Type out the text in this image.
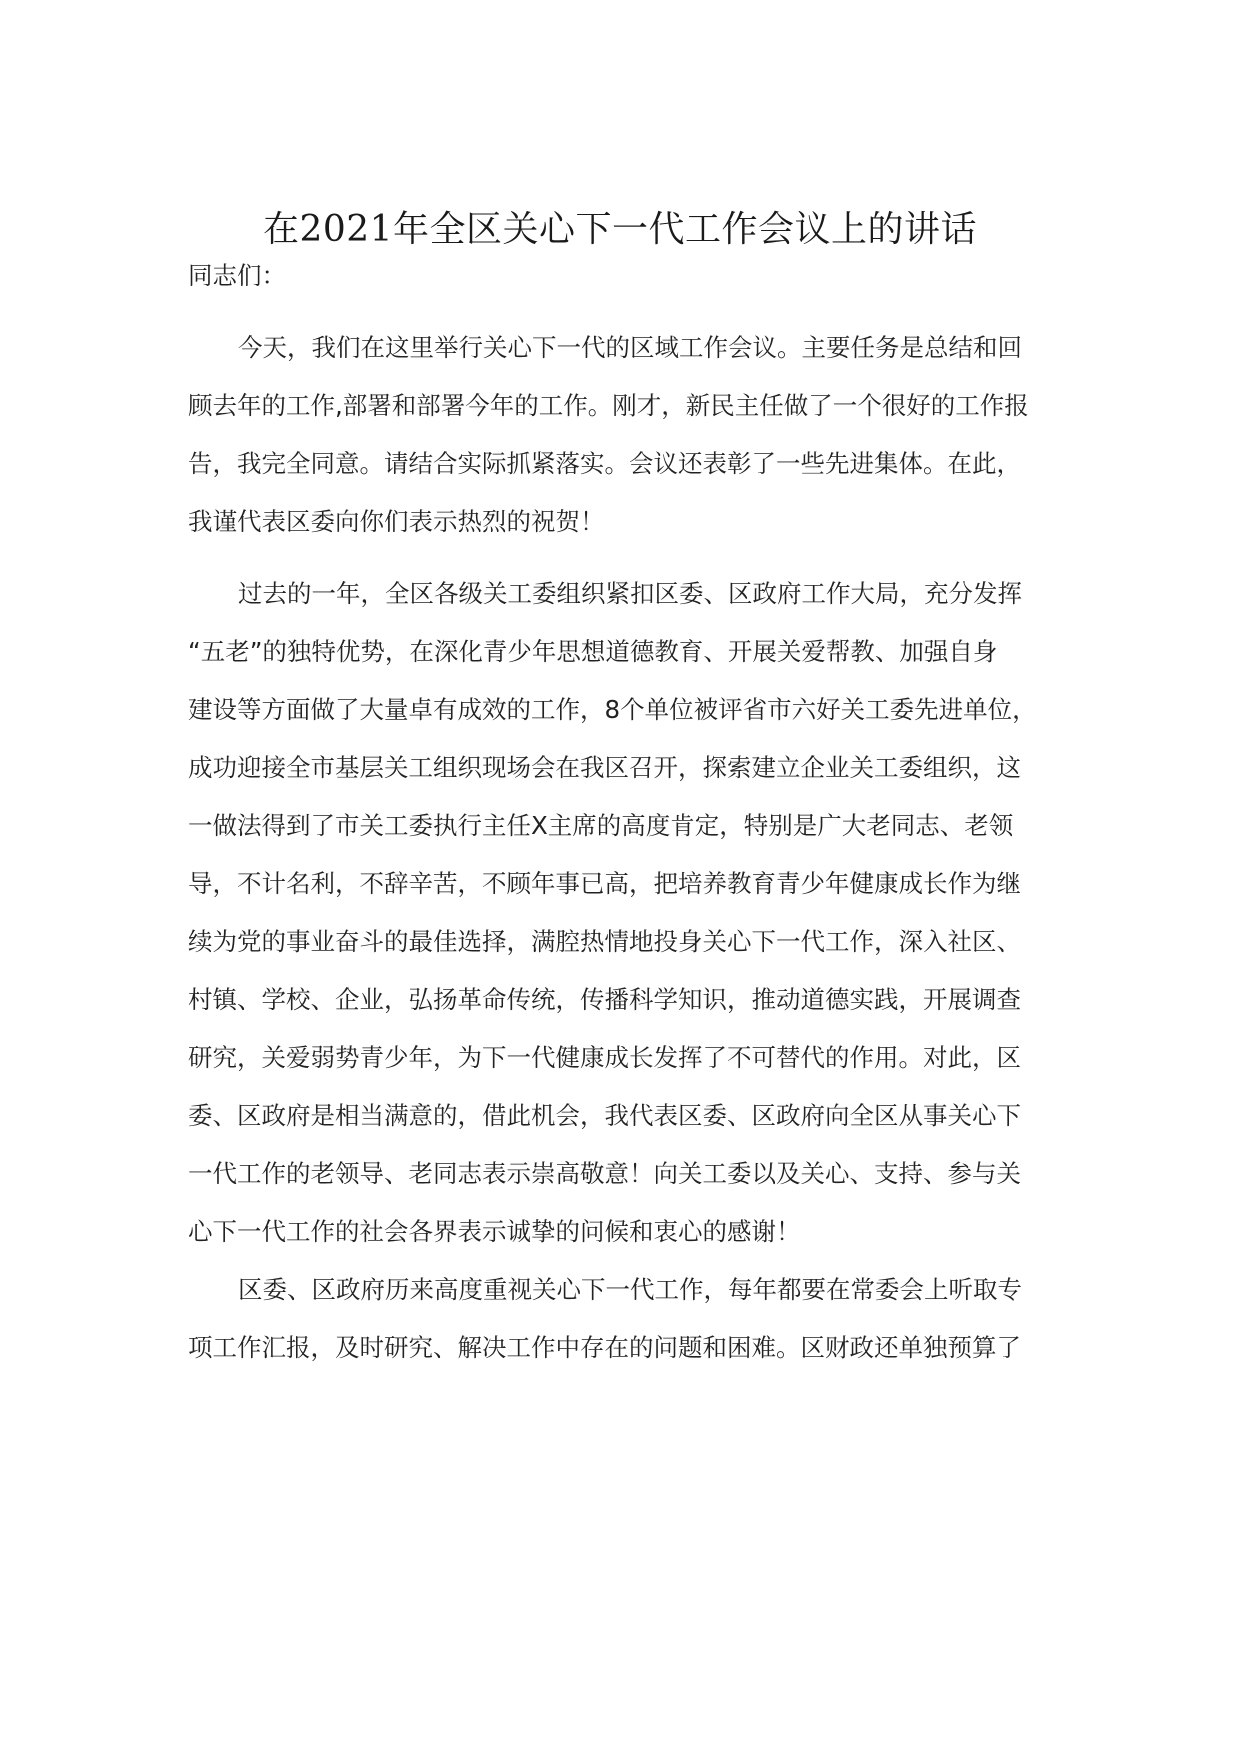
在2021年全区关心下一代工作会议上的讲话
同志们：
今天，我们在这里举行关心下一代的区域工作会议。主要任务是总结和回
顾去年的工作,部署和部署今年的工作。刚才，新民主任做了一个很好的工作报
告，我完全同意。请结合实际抓紧落实。会议还表彰了一些先进集体。在此，
我谨代表区委向你们表示热烈的祝贺！
过去的一年，全区各级关工委组织紧扣区委、区政府工作大局，充分发挥
“五老”的独特优势，在深化青少年思想道德教育、开展关爱帮教、加强自身
建设等方面做了大量卓有成效的工作，8个单位被评省市六好关工委先进单位，
成功迎接全市基层关工组织现场会在我区召开，探索建立企业关工委组织，这
一做法得到了市关工委执行主任X主席的高度肯定，特别是广大老同志、老领
导，不计名利，不辞辛苦，不顾年事已高，把培养教育青少年健康成长作为继
续为党的事业奋斗的最佳选择，满腔热情地投身关心下一代工作，深入社区、
村镇、学校、企业，弘扬革命传统，传播科学知识，推动道德实践，开展调查
研究，关爱弱势青少年，为下一代健康成长发挥了不可替代的作用。对此，区
委、区政府是相当满意的，借此机会，我代表区委、区政府向全区从事关心下
一代工作的老领导、老同志表示崇高敬意！向关工委以及关心、支持、参与关
心下一代工作的社会各界表示诚挚的问候和衷心的感谢！
区委、区政府历来高度重视关心下一代工作，每年都要在常委会上听取专
项工作汇报，及时研究、解决工作中存在的问题和困难。区财政还单独预算了
